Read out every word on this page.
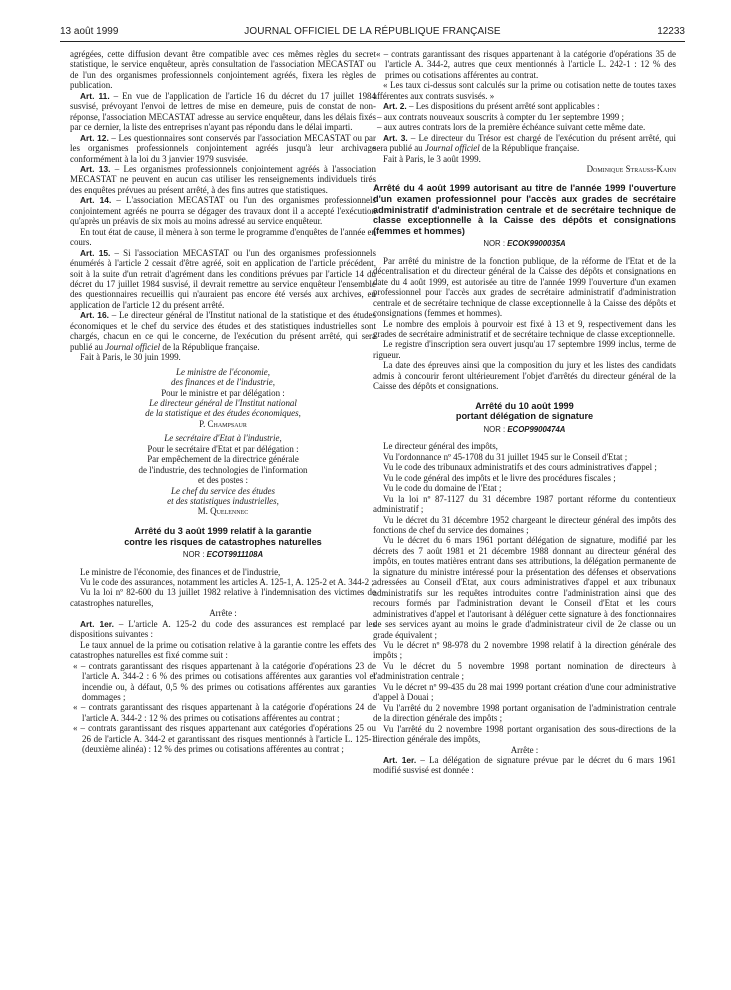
13 août 1999	JOURNAL OFFICIEL DE LA RÉPUBLIQUE FRANÇAISE	12233

agrégées, cette diffusion devant être compatible avec ces mêmes règles du secret statistique, le service enquêteur, après consultation de l'association MECASTAT ou de l'un des organismes professionnels conjointement agréés, fixera les règles de publication.

Art. 11. – En vue de l'application de l'article 16 du décret du 17 juillet 1984 susvisé, prévoyant l'envoi de lettres de mise en demeure, puis de constat de non-réponse, l'association MECASTAT adresse au service enquêteur, dans les délais fixés par ce dernier, la liste des entreprises n'ayant pas répondu dans le délai imparti.

Art. 12. – Les questionnaires sont conservés par l'association MECASTAT ou par les organismes professionnels conjointement agréés jusqu'à leur archivage conformément à la loi du 3 janvier 1979 susvisée.

Art. 13. – Les organismes professionnels conjointement agréés à l'association MECASTAT ne peuvent en aucun cas utiliser les renseignements individuels tirés des enquêtes prévues au présent arrêté, à des fins autres que statistiques.

Art. 14. – L'association MECASTAT ou l'un des organismes professionnels conjointement agréés ne pourra se dégager des travaux dont il a accepté l'exécution qu'après un préavis de six mois au moins adressé au service enquêteur.

En tout état de cause, il mènera à son terme le programme d'enquêtes de l'année en cours.

Art. 15. – Si l'association MECASTAT ou l'un des organismes professionnels énumérés à l'article 2 cessait d'être agréé, soit en application de l'article précédent, soit à la suite d'un retrait d'agrément dans les conditions prévues par l'article 14 du décret du 17 juillet 1984 susvisé, il devrait remettre au service enquêteur l'ensemble des questionnaires recueillis qui n'auraient pas encore été versés aux archives, en application de l'article 12 du présent arrêté.

Art. 16. – Le directeur général de l'Institut national de la statistique et des études économiques et le chef du service des études et des statistiques industrielles sont chargés, chacun en ce qui le concerne, de l'exécution du présent arrêté, qui sera publié au Journal officiel de la République française.

Fait à Paris, le 30 juin 1999.

Le ministre de l'économie,

des finances et de l'industrie,

Pour le ministre et par délégation :

Le directeur général de l'Institut national

de la statistique et des études économiques,

P. Champsaur

Le secrétaire d'Etat à l'industrie,

Pour le secrétaire d'Etat et par délégation :

Par empêchement de la directrice générale

de l'industrie, des technologies de l'information

et des postes :

Le chef du service des études

et des statistiques industrielles,

M. Quelennec

Arrêté du 3 août 1999 relatif à la garantie

contre les risques de catastrophes naturelles

NOR : ECOT9911108A

Le ministre de l'économie, des finances et de l'industrie,

Vu le code des assurances, notamment les articles A. 125-1, A. 125-2 et A. 344-2 ;

Vu la loi nº 82-600 du 13 juillet 1982 relative à l'indemnisation des victimes de catastrophes naturelles,

Arrête :

Art. 1er. – L'article A. 125-2 du code des assurances est remplacé par les dispositions suivantes :

Le taux annuel de la prime ou cotisation relative à la garantie contre les effets des catastrophes naturelles est fixé comme suit :

« – contrats garantissant des risques appartenant à la catégorie d'opérations 23 de l'article A. 344-2 : 6 % des primes ou cotisations afférentes aux garanties vol et incendie ou, à défaut, 0,5 % des primes ou cotisations afférentes aux garanties dommages ;

« – contrats garantissant des risques appartenant à la catégorie d'opérations 24 de l'article A. 344-2 : 12 % des primes ou cotisations afférentes au contrat ;

« – contrats garantissant des risques appartenant aux catégories d'opérations 25 ou 26 de l'article A. 344-2 et garantissant des risques mentionnés à l'article L. 125-1 (deuxième alinéa) : 12 % des primes ou cotisations afférentes au contrat ;

« – contrats garantissant des risques appartenant à la catégorie d'opérations 35 de l'article A. 344-2, autres que ceux mentionnés à l'article L. 242-1 : 12 % des primes ou cotisations afférentes au contrat.

« Les taux ci-dessus sont calculés sur la prime ou cotisation nette de toutes taxes afférentes aux contrats susvisés. »

Art. 2. – Les dispositions du présent arrêté sont applicables :

– aux contrats nouveaux souscrits à compter du 1er septembre 1999 ;

– aux autres contrats lors de la première échéance suivant cette même date.

Art. 3. – Le directeur du Trésor est chargé de l'exécution du présent arrêté, qui sera publié au Journal officiel de la République française.

Fait à Paris, le 3 août 1999.

Dominique Strauss-Kahn

Arrêté du 4 août 1999 autorisant au titre de l'année 1999 l'ouverture d'un examen professionnel pour l'accès aux grades de secrétaire administratif d'administration centrale et de secrétaire technique de classe exceptionnelle à la Caisse des dépôts et consignations (femmes et hommes)

NOR : ECOK9900035A

Par arrêté du ministre de la fonction publique, de la réforme de l'Etat et de la décentralisation et du directeur général de la Caisse des dépôts et consignations en date du 4 août 1999, est autorisée au titre de l'année 1999 l'ouverture d'un examen professionnel pour l'accès aux grades de secrétaire administratif d'administration centrale et de secrétaire technique de classe exceptionnelle à la Caisse des dépôts et consignations (femmes et hommes).

Le nombre des emplois à pourvoir est fixé à 13 et 9, respectivement dans les grades de secrétaire administratif et de secrétaire technique de classe exceptionnelle.

Le registre d'inscription sera ouvert jusqu'au 17 septembre 1999 inclus, terme de rigueur.

La date des épreuves ainsi que la composition du jury et les listes des candidats admis à concourir feront ultérieurement l'objet d'arrêtés du directeur général de la Caisse des dépôts et consignations.

Arrêté du 10 août 1999

portant délégation de signature

NOR : ECOP9900474A

Le directeur général des impôts,

Vu l'ordonnance nº 45-1708 du 31 juillet 1945 sur le Conseil d'Etat ;

Vu le code des tribunaux administratifs et des cours administratives d'appel ;

Vu le code général des impôts et le livre des procédures fiscales ;

Vu le code du domaine de l'Etat ;

Vu la loi nº 87-1127 du 31 décembre 1987 portant réforme du contentieux administratif ;

Vu le décret du 31 décembre 1952 chargeant le directeur général des impôts des fonctions de chef du service des domaines ;

Vu le décret du 6 mars 1961 portant délégation de signature, modifié par les décrets des 7 août 1981 et 21 décembre 1988 donnant au directeur général des impôts, en toutes matières entrant dans ses attributions, la délégation permanente de la signature du ministre intéressé pour la présentation des défenses et observations adressées au Conseil d'Etat, aux cours administratives d'appel et aux tribunaux administratifs sur les requêtes introduites contre l'administration ainsi que des recours formés par l'administration devant le Conseil d'Etat et les cours administratives d'appel et l'autorisant à déléguer cette signature à des fonctionnaires de ses services ayant au moins le grade d'administrateur civil de 2e classe ou un grade équivalent ;

Vu le décret nº 98-978 du 2 novembre 1998 relatif à la direction générale des impôts ;

Vu le décret du 5 novembre 1998 portant nomination de directeurs à l'administration centrale ;

Vu le décret nº 99-435 du 28 mai 1999 portant création d'une cour administrative d'appel à Douai ;

Vu l'arrêté du 2 novembre 1998 portant organisation de l'administration centrale de la direction générale des impôts ;

Vu l'arrêté du 2 novembre 1998 portant organisation des sous-directions de la direction générale des impôts,

Arrête :

Art. 1er. – La délégation de signature prévue par le décret du 6 mars 1961 modifié susvisé est donnée :
